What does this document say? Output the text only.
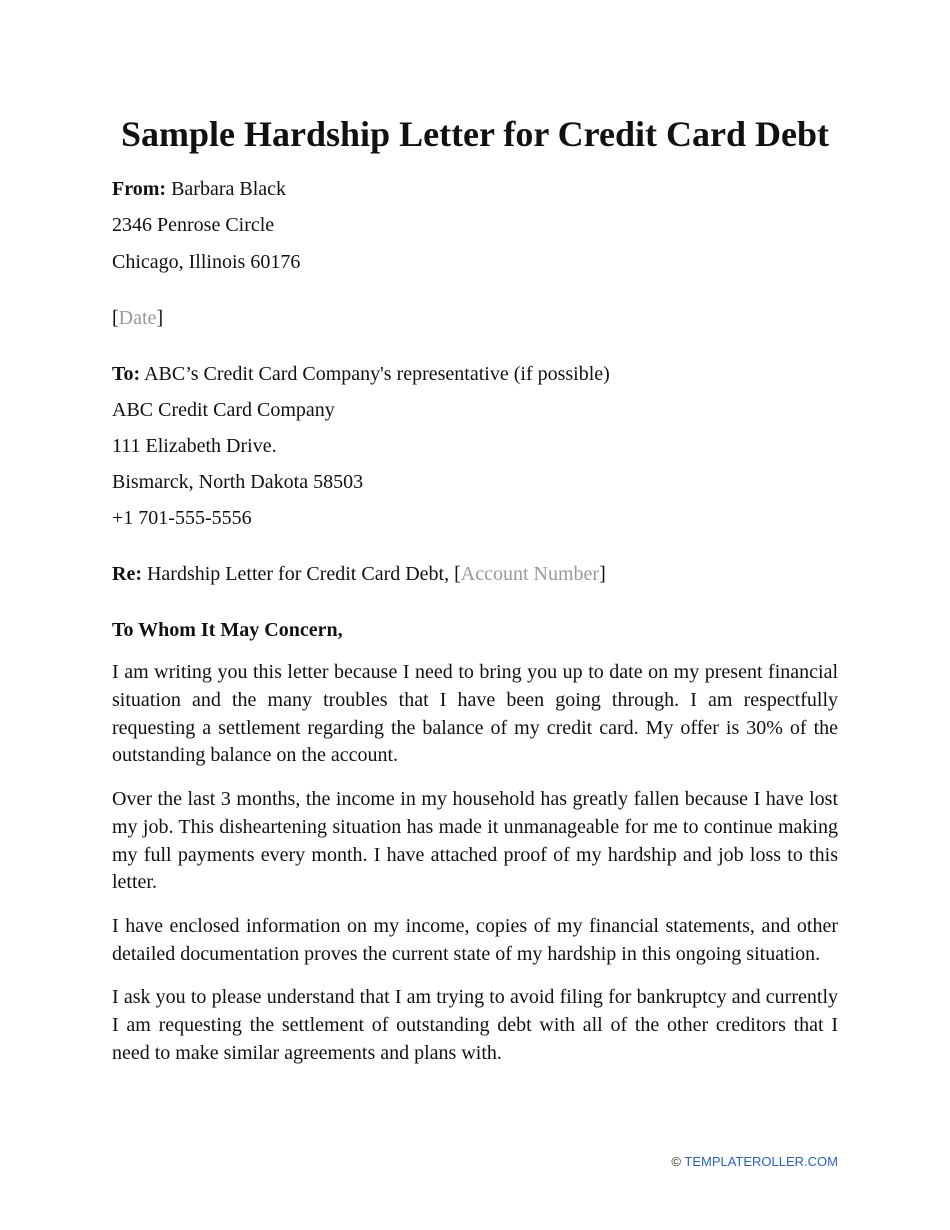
Sample Hardship Letter for Credit Card Debt

From: Barbara Black

2346 Penrose Circle

Chicago, Illinois 60176

[Date]

To: ABC’s Credit Card Company's representative (if possible)

ABC Credit Card Company

111 Elizabeth Drive.

Bismarck, North Dakota 58503

+1 701-555-5556

Re: Hardship Letter for Credit Card Debt, [Account Number]

To Whom It May Concern,

I am writing you this letter because I need to bring you up to date on my present financial situation and the many troubles that I have been going through. I am respectfully requesting a settlement regarding the balance of my credit card. My offer is 30% of the outstanding balance on the account.

Over the last 3 months, the income in my household has greatly fallen because I have lost my job. This disheartening situation has made it unmanageable for me to continue making my full payments every month. I have attached proof of my hardship and job loss to this letter.

I have enclosed information on my income, copies of my financial statements, and other detailed documentation proves the current state of my hardship in this ongoing situation.

I ask you to please understand that I am trying to avoid filing for bankruptcy and currently I am requesting the settlement of outstanding debt with all of the other creditors that I need to make similar agreements and plans with.

© TEMPLATEROLLER.COM
